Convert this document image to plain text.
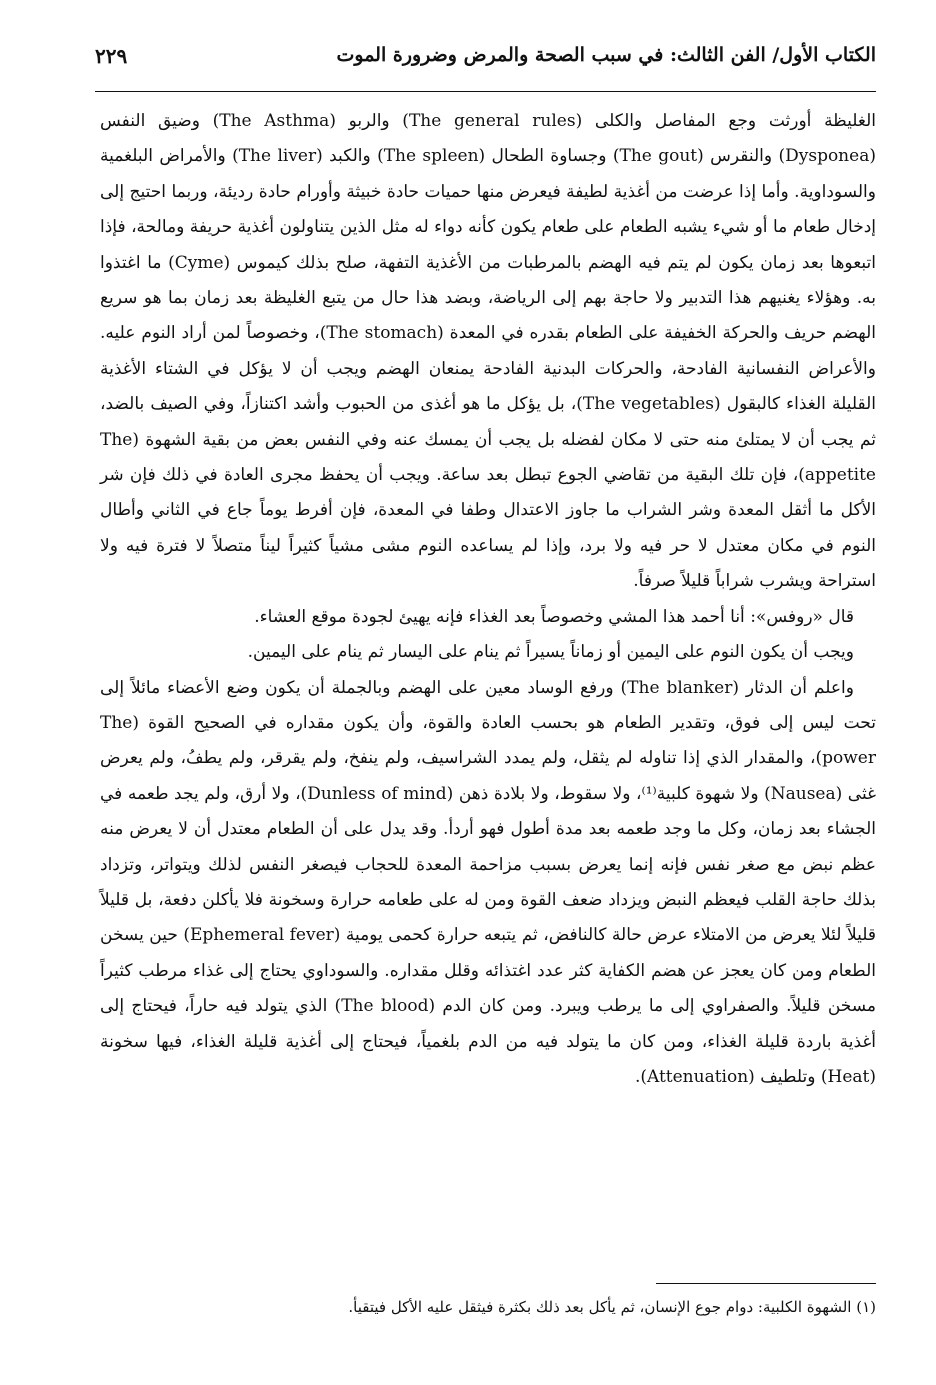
الكتاب الأول/ الفن الثالث: في سبب الصحة والمرض وضرورة الموت
٢٢٩

الغليظة أورثت وجع المفاصل والكلى (The general rules) والربو (The Asthma) وضيق النفس (Dysponea) والنقرس (The gout) وجساوة الطحال (The spleen) والكبد (The liver) والأمراض البلغمية والسوداوية. وأما إذا عرضت من أغذية لطيفة فيعرض منها حميات حادة خبيثة وأورام حادة رديئة، وربما احتيج إلى إدخال طعام ما أو شيء يشبه الطعام على طعام يكون كأنه دواء له مثل الذين يتناولون أغذية حريفة ومالحة، فإذا اتبعوها بعد زمان يكون لم يتم فيه الهضم بالمرطبات من الأغذية التفهة، صلح بذلك كيموس (Cyme) ما اغتذوا به. وهؤلاء يغنيهم هذا التدبير ولا حاجة بهم إلى الرياضة، وبضد هذا حال من يتبع الغليظة بعد زمان بما هو سريع الهضم حريف والحركة الخفيفة على الطعام بقدره في المعدة (The stomach)، وخصوصاً لمن أراد النوم عليه. والأعراض النفسانية الفادحة، والحركات البدنية الفادحة يمنعان الهضم ويجب أن لا يؤكل في الشتاء الأغذية القليلة الغذاء كالبقول (The vegetables)، بل يؤكل ما هو أغذى من الحبوب وأشد اكتنازاً، وفي الصيف بالضد، ثم يجب أن لا يمتلئ منه حتى لا مكان لفضله بل يجب أن يمسك عنه وفي النفس بعض من بقية الشهوة (The appetite)، فإن تلك البقية من تقاضي الجوع تبطل بعد ساعة. ويجب أن يحفظ مجرى العادة في ذلك فإن شر الأكل ما أثقل المعدة وشر الشراب ما جاوز الاعتدال وطفا في المعدة، فإن أفرط يوماً جاع في الثاني وأطال النوم في مكان معتدل لا حر فيه ولا برد، وإذا لم يساعده النوم مشى مشياً كثيراً ليناً متصلاً لا فترة فيه ولا استراحة ويشرب شراباً قليلاً صرفاً.

قال «روفس»: أنا أحمد هذا المشي وخصوصاً بعد الغذاء فإنه يهيئ لجودة موقع العشاء.

ويجب أن يكون النوم على اليمين أو زماناً يسيراً ثم ينام على اليسار ثم ينام على اليمين.

واعلم أن الدثار (The blanker) ورفع الوساد معين على الهضم وبالجملة أن يكون وضع الأعضاء مائلاً إلى تحت ليس إلى فوق، وتقدير الطعام هو بحسب العادة والقوة، وأن يكون مقداره في الصحيح القوة (The power)، والمقدار الذي إذا تناوله لم يثقل، ولم يمدد الشراسيف، ولم ينفخ، ولم يقرقر، ولم يطفُ، ولم يعرض غثى (Nausea) ولا شهوة كلبية⁽¹⁾، ولا سقوط، ولا بلادة ذهن (Dunless of mind)، ولا أرق، ولم يجد طعمه في الجشاء بعد زمان، وكل ما وجد طعمه بعد مدة أطول فهو أردأ. وقد يدل على أن الطعام معتدل أن لا يعرض منه عظم نبض مع صغر نفس فإنه إنما يعرض بسبب مزاحمة المعدة للحجاب فيصغر النفس لذلك ويتواتر، وتزداد بذلك حاجة القلب فيعظم النبض ويزداد ضعف القوة ومن له على طعامه حرارة وسخونة فلا يأكلن دفعة، بل قليلاً قليلاً لئلا يعرض من الامتلاء عرض حالة كالنافض، ثم يتبعه حرارة كحمى يومية (Ephemeral fever) حين يسخن الطعام ومن كان يعجز عن هضم الكفاية كثر عدد اغتذائه وقلل مقداره. والسوداوي يحتاج إلى غذاء مرطب كثيراً مسخن قليلاً. والصفراوي إلى ما يرطب ويبرد. ومن كان الدم (The blood) الذي يتولد فيه حاراً، فيحتاج إلى أغذية باردة قليلة الغذاء، ومن كان ما يتولد فيه من الدم بلغمياً، فيحتاج إلى أغذية قليلة الغذاء، فيها سخونة (Heat) وتلطيف (Attenuation).

(١) الشهوة الكلبية: دوام جوع الإنسان، ثم يأكل بعد ذلك بكثرة فيثقل عليه الأكل فيتقيأ.
